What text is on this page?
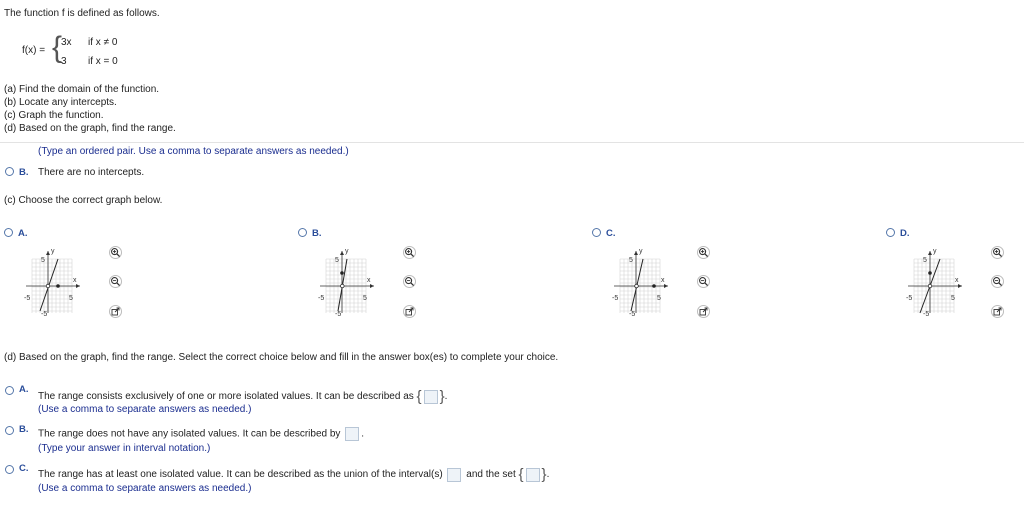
The function f is defined as follows.
f(x) = {
3x if x ≠ 0
3 if x = 0
(a) Find the domain of the function.
(b) Locate any intercepts.
(c) Graph the function.
(d) Based on the graph, find the range.
(Type an ordered pair. Use a comma to separate answers as needed.)
B. There are no intercepts.
(c) Choose the correct graph below.
A.
-5	5
5
-5
x
y
B.
-5	5
5
-5
x
y
C.
-5	5
5
-5
x
y
D.
-5	5
5
-5
x
y
(d) Based on the graph, find the range. Select the correct choice below and fill in the answer box(es) to complete your choice.
A.
The range consists exclusively of one or more isolated values. It can be described as { }.
(Use a comma to separate answers as needed.)
B. The range does not have any isolated values. It can be described by .
(Type your answer in interval notation.)
C.
The range has at least one isolated value. It can be described as the union of the interval(s) and the set { }.
(Use a comma to separate answers as needed.)
